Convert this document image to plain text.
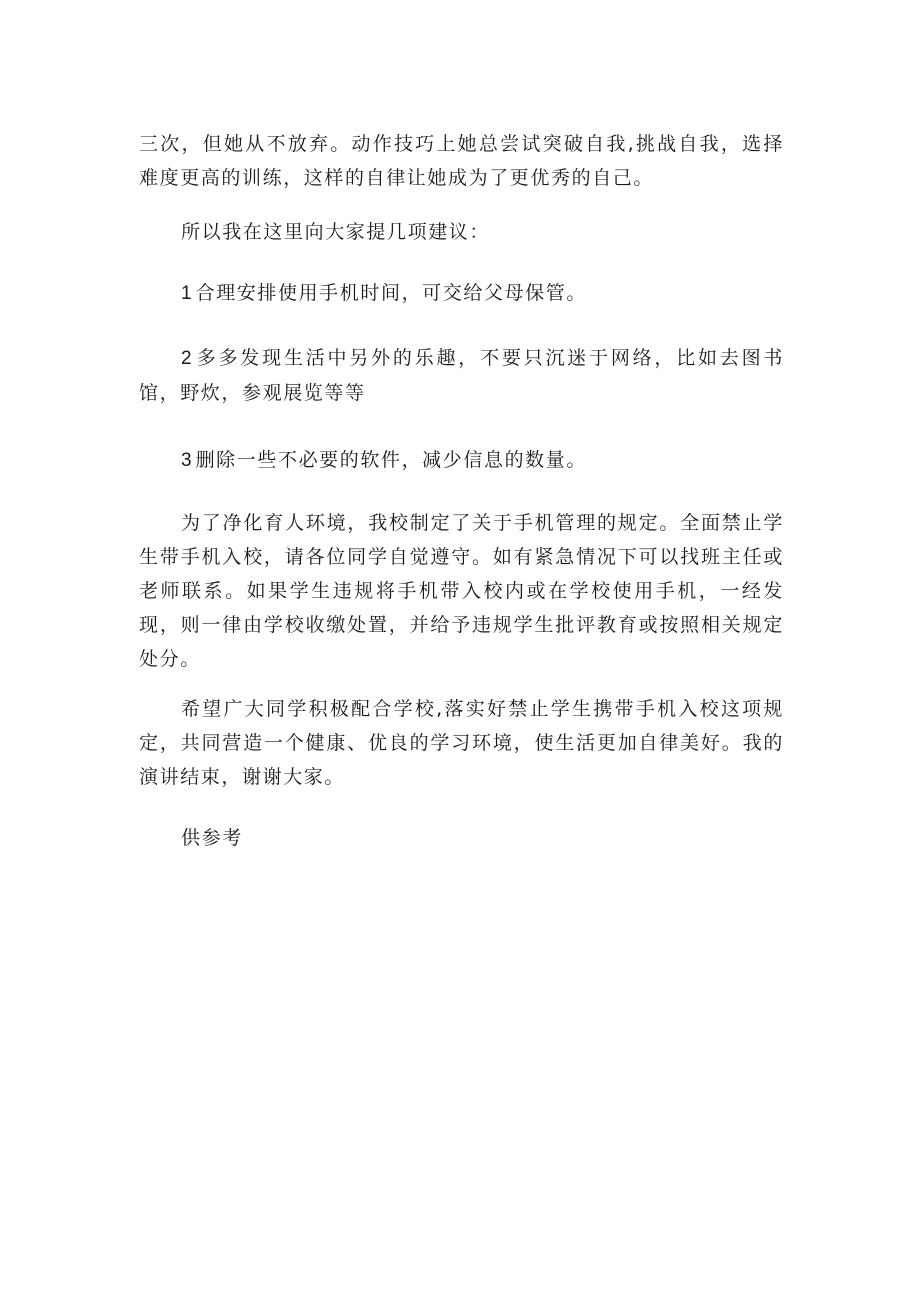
三次，但她从不放弃。动作技巧上她总尝试突破自我,挑战自我，选择难度更高的训练，这样的自律让她成为了更优秀的自己。

所以我在这里向大家提几项建议：

1 合理安排使用手机时间，可交给父母保管。

2 多多发现生活中另外的乐趣，不要只沉迷于网络，比如去图书馆，野炊，参观展览等等

3 删除一些不必要的软件，减少信息的数量。

为了净化育人环境，我校制定了关于手机管理的规定。全面禁止学生带手机入校，请各位同学自觉遵守。如有紧急情况下可以找班主任或老师联系。如果学生违规将手机带入校内或在学校使用手机，一经发现，则一律由学校收缴处置，并给予违规学生批评教育或按照相关规定处分。

希望广大同学积极配合学校,落实好禁止学生携带手机入校这项规定，共同营造一个健康、优良的学习环境，使生活更加自律美好。我的演讲结束，谢谢大家。

供参考
